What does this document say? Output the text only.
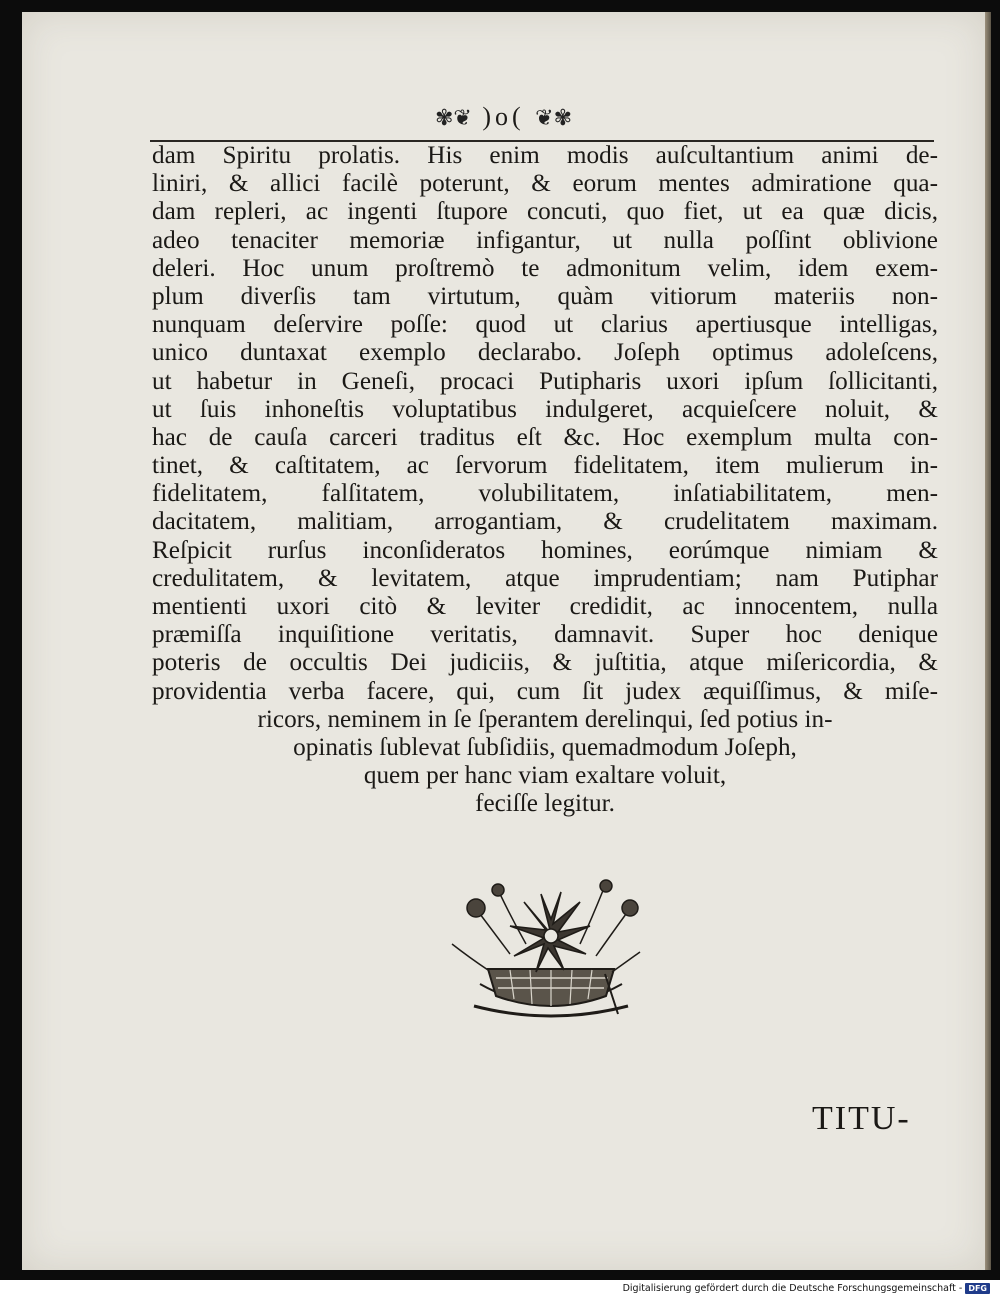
✾❦ )o( ❦✾
dam Spiritu prolatis. His enim modis auſcultantium animi de-
liniri, & allici facilè poterunt, & eorum mentes admiratione qua-
dam repleri, ac ingenti ſtupore concuti, quo fiet, ut ea quæ dicis,
adeo tenaciter memoriæ infigantur, ut nulla poſſint oblivione
deleri. Hoc unum proſtremò te admonitum velim, idem exem-
plum diverſis tam virtutum, quàm vitiorum materiis non-
nunquam deſervire poſſe: quod ut clarius apertiusque intelligas,
unico duntaxat exemplo declarabo. Joſeph optimus adoleſcens,
ut habetur in Geneſi, procaci Putipharis uxori ipſum ſollicitanti,
ut ſuis inhoneſtis voluptatibus indulgeret, acquieſcere noluit, &
hac de cauſa carceri traditus eſt &c. Hoc exemplum multa con-
tinet, & caſtitatem, ac ſervorum fidelitatem, item mulierum in-
fidelitatem, falſitatem, volubilitatem, inſatiabilitatem, men-
dacitatem, malitiam, arrogantiam, & crudelitatem maximam.
Reſpicit rurſus inconſideratos homines, eorúmque nimiam &
credulitatem, & levitatem, atque imprudentiam; nam Putiphar
mentienti uxori citò & leviter credidit, ac innocentem, nulla
præmiſſa inquiſitione veritatis, damnavit. Super hoc denique
poteris de occultis Dei judiciis, & juſtitia, atque miſericordia, &
providentia verba facere, qui, cum ſit judex æquiſſimus, & miſe-
ricors, neminem in ſe ſperantem derelinqui, ſed potius in-
opinatis ſublevat ſubſidiis, quemadmodum Joſeph,
quem per hanc viam exaltare voluit,
feciſſe legitur.
TITU-
Digitalisierung gefördert durch die Deutsche Forschungsgemeinschaft - DFG
